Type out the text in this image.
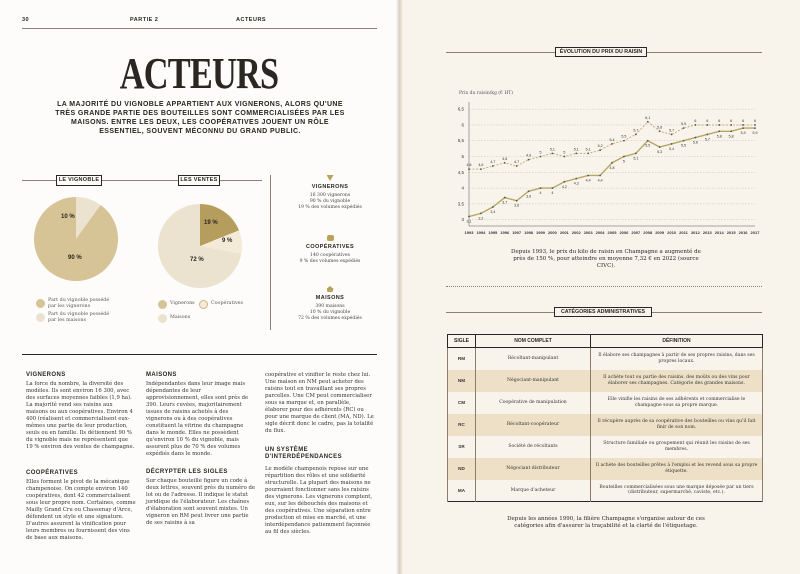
30	PARTIE 2	ACTEURS
ACTEURS
LA MAJORITÉ DU VIGNOBLE APPARTIENT AUX VIGNERONS, ALORS QU'UNE TRÈS GRANDE PARTIE DES BOUTEILLES SONT COMMERCIALISÉES PAR LES MAISONS. ENTRE LES DEUX, LES COOPÉRATIVES JOUENT UN RÔLE ESSENTIEL, SOUVENT MÉCONNU DU GRAND PUBLIC.
LE VIGNOBLE	LES VENTES
10 %
90 %
Part du vignoble possédé par les vignerons
Part du vignoble possédé par les maisons
19 %
9 %
72 %
Vignerons	Coopératives
Maisons
VIGNERONS
16 300 vignerons
90 % du vignoble
19 % des volumes expédiés
COOPÉRATIVES
140 coopératives
9 % des volumes expédiés
MAISONS
390 maisons
10 % du vignoble
72 % des volumes expédiés
VIGNERONS
La force du nombre, la diversité des modèles. Ils sont environ 16 300, avec des surfaces moyennes faibles (1,9 ha). La majorité vend ses raisins aux maisons ou aux coopératives. Environ 4 400 (réalisent et commercialisent eux-mêmes une partie de leur production, seuls ou en famille. Ils détiennent 90 % du vignoble mais ne représentent que 19 % environ des ventes de champagne.
COOPÉRATIVES
Elles forment le pivot de la mécanique champenoise. On compte environ 140 coopératives, dont 42 commercialisent sous leur propre nom. Certaines, comme Mailly Grand Cru ou Chassenay d'Arce, défendent un style et une signature. D'autres assurent la vinification pour leurs membres ou fournissent des vins de base aux maisons.
MAISONS
Indépendantes dans leur image mais dépendantes de leur approvisionnement, elles sont près de 390. Leurs cuvées, majoritairement issues de raisins achetés à des vignerons ou à des coopératives constituent la vitrine du champagne dans le monde. Elles ne possèdent qu'environ 10 % du vignoble, mais assurent plus de 70 % des volumes expédiés dans le monde.
DÉCRYPTER LES SIGLES
Sur chaque bouteille figure un code à deux lettres, souvent près du numéro de lot ou de l'adresse. Il indique le statut juridique de l'élaborateur. Les chaînes d'élaboration sont souvent mixtes. Un vigneron en RM peut livrer une partie de ses raisins à sa
coopérative et vinifier le reste chez lui. Une maison en NM peut acheter des raisins tout en travaillant ses propres parcelles. Une CM peut commercialiser sous sa marque et, en parallèle, élaborer pour des adhérents (RC) ou pour une marque de client (MA, ND). Le sigle décrit donc le cadre, pas la totalité du flux.
UN SYSTÈME D'INTERDÉPENDANCES
Le modèle champenois repose sur une répartition des rôles et une solidarité structurelle. La plupart des maisons ne pourraient fonctionner sans les raisins des vignerons. Les vignerons comptent, eux, sur les débouchés des maisons et des coopératives. Une séparation entre production et mise en marché, et une interdépendance patiemment façonnée au fil des siècles.
ÉVOLUTION DU PRIX DU RAISIN
Prix du raisin/kg (€ HT)
6,5
6
5,5
5
4,5
4
3,5
3
1993 1994 1995 1996 1997 1998 1999 2000 2001 2002 2003 2004 2005 2006 2007 2008 2009 2010 2011 2012 2013 2014 2015 2016 2017
3,1
3,2
3,4
3,7
3,6
3,9
4	4
4,2
4,3
4,4 4,4
4,8
5
5,1
5,5
5,3
5,4
5,5
5,6
5,7
5,8 5,8
5,9 5,9
4,6 4,6
4,7
4,8
4,7
4,9
5
5,1
5
5,1 5,1
5,2
5,4
5,5
5,7
6,1
5,8
5,7
5,9
6	6	6	6	6	6
Depuis 1993, le prix du kilo de raisin en Champagne a augmenté de près de 150 %, pour atteindre en moyenne 7,32 € en 2022 (source CIVC).
CATÉGORIES ADMINISTRATIVES
SIGLE	NOM COMPLET	DÉFINITION
RM	Récoltant-manipulant	Il élabore ses champagnes à partir de ses propres raisins, dans ses propres locaux.
NM	Négociant-manipulant	Il achète tout ou partie des raisins, des moûts ou des vins pour élaborer ses champagnes. Catégorie des grandes maisons.
CM	Coopérative de manipulation	Elle vinifie les raisins de ses adhérents et commercialise le champagne sous sa propre marque.
RC	Récoltant-coopérateur	Il récupère auprès de sa coopérative des bouteilles ou vins qu'il fait finir de son nom.
SR	Société de récoltants	Structure familiale ou groupement qui réunit les raisins de ses membres.
ND	Négociant distributeur	Il achète des bouteilles prêtes à l'emploi et les revend sous sa propre étiquette.
MA	Marque d'acheteur	Bouteilles commercialisées sous une marque déposée par un tiers (distributeur, supermarché, caviste, etc.).
Depuis les années 1990, la filière Champagne s'organise autour de ces catégories afin d'assurer la traçabilité et la clarté de l'étiquetage.
